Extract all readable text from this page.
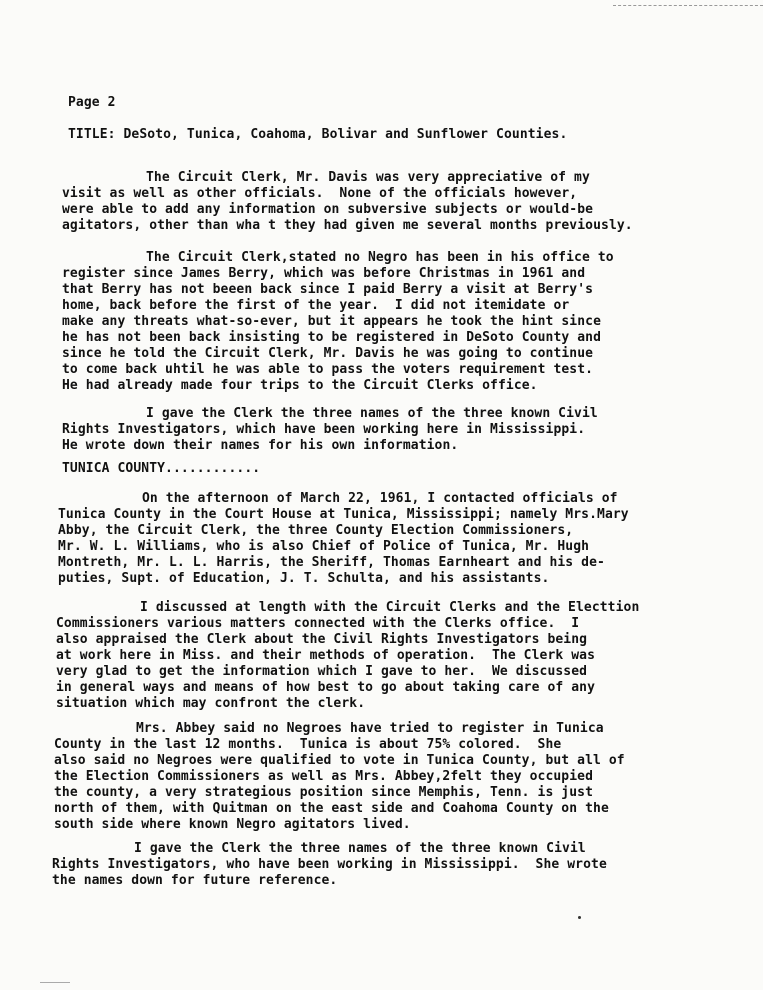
Page 2
TITLE: DeSoto, Tunica, Coahoma, Bolivar and Sunflower Counties.
The Circuit Clerk, Mr. Davis was very appreciative of my
visit as well as other officials.  None of the officials however,
were able to add any information on subversive subjects or would-be
agitators, other than wha t they had given me several months previously.
The Circuit Clerk,stated no Negro has been in his office to
register since James Berry, which was before Christmas in 1961 and
that Berry has not beeen back since I paid Berry a visit at Berry's
home, back before the first of the year.  I did not itemidate or
make any threats what-so-ever, but it appears he took the hint since
he has not been back insisting to be registered in DeSoto County and
since he told the Circuit Clerk, Mr. Davis he was going to continue
to come back uhtil he was able to pass the voters requirement test.
He had already made four trips to the Circuit Clerks office.
I gave the Clerk the three names of the three known Civil
Rights Investigators, which have been working here in Mississippi.
He wrote down their names for his own information.
TUNICA COUNTY............
On the afternoon of March 22, 1961, I contacted officials of
Tunica County in the Court House at Tunica, Mississippi; namely Mrs.Mary
Abby, the Circuit Clerk, the three County Election Commissioners,
Mr. W. L. Williams, who is also Chief of Police of Tunica, Mr. Hugh
Montreth, Mr. L. L. Harris, the Sheriff, Thomas Earnheart and his de-
puties, Supt. of Education, J. T. Schulta, and his assistants.
I discussed at length with the Circuit Clerks and the Electtion
Commissioners various matters connected with the Clerks office.  I
also appraised the Clerk about the Civil Rights Investigators being
at work here in Miss. and their methods of operation.  The Clerk was
very glad to get the information which I gave to her.  We discussed
in general ways and means of how best to go about taking care of any
situation which may confront the clerk.
Mrs. Abbey said no Negroes have tried to register in Tunica
County in the last 12 months.  Tunica is about 75% colored.  She
also said no Negroes were qualified to vote in Tunica County, but all of
the Election Commissioners as well as Mrs. Abbey,2felt they occupied
the county, a very strategious position since Memphis, Tenn. is just
north of them, with Quitman on the east side and Coahoma County on the
south side where known Negro agitators lived.
I gave the Clerk the three names of the three known Civil
Rights Investigators, who have been working in Mississippi.  She wrote
the names down for future reference.
